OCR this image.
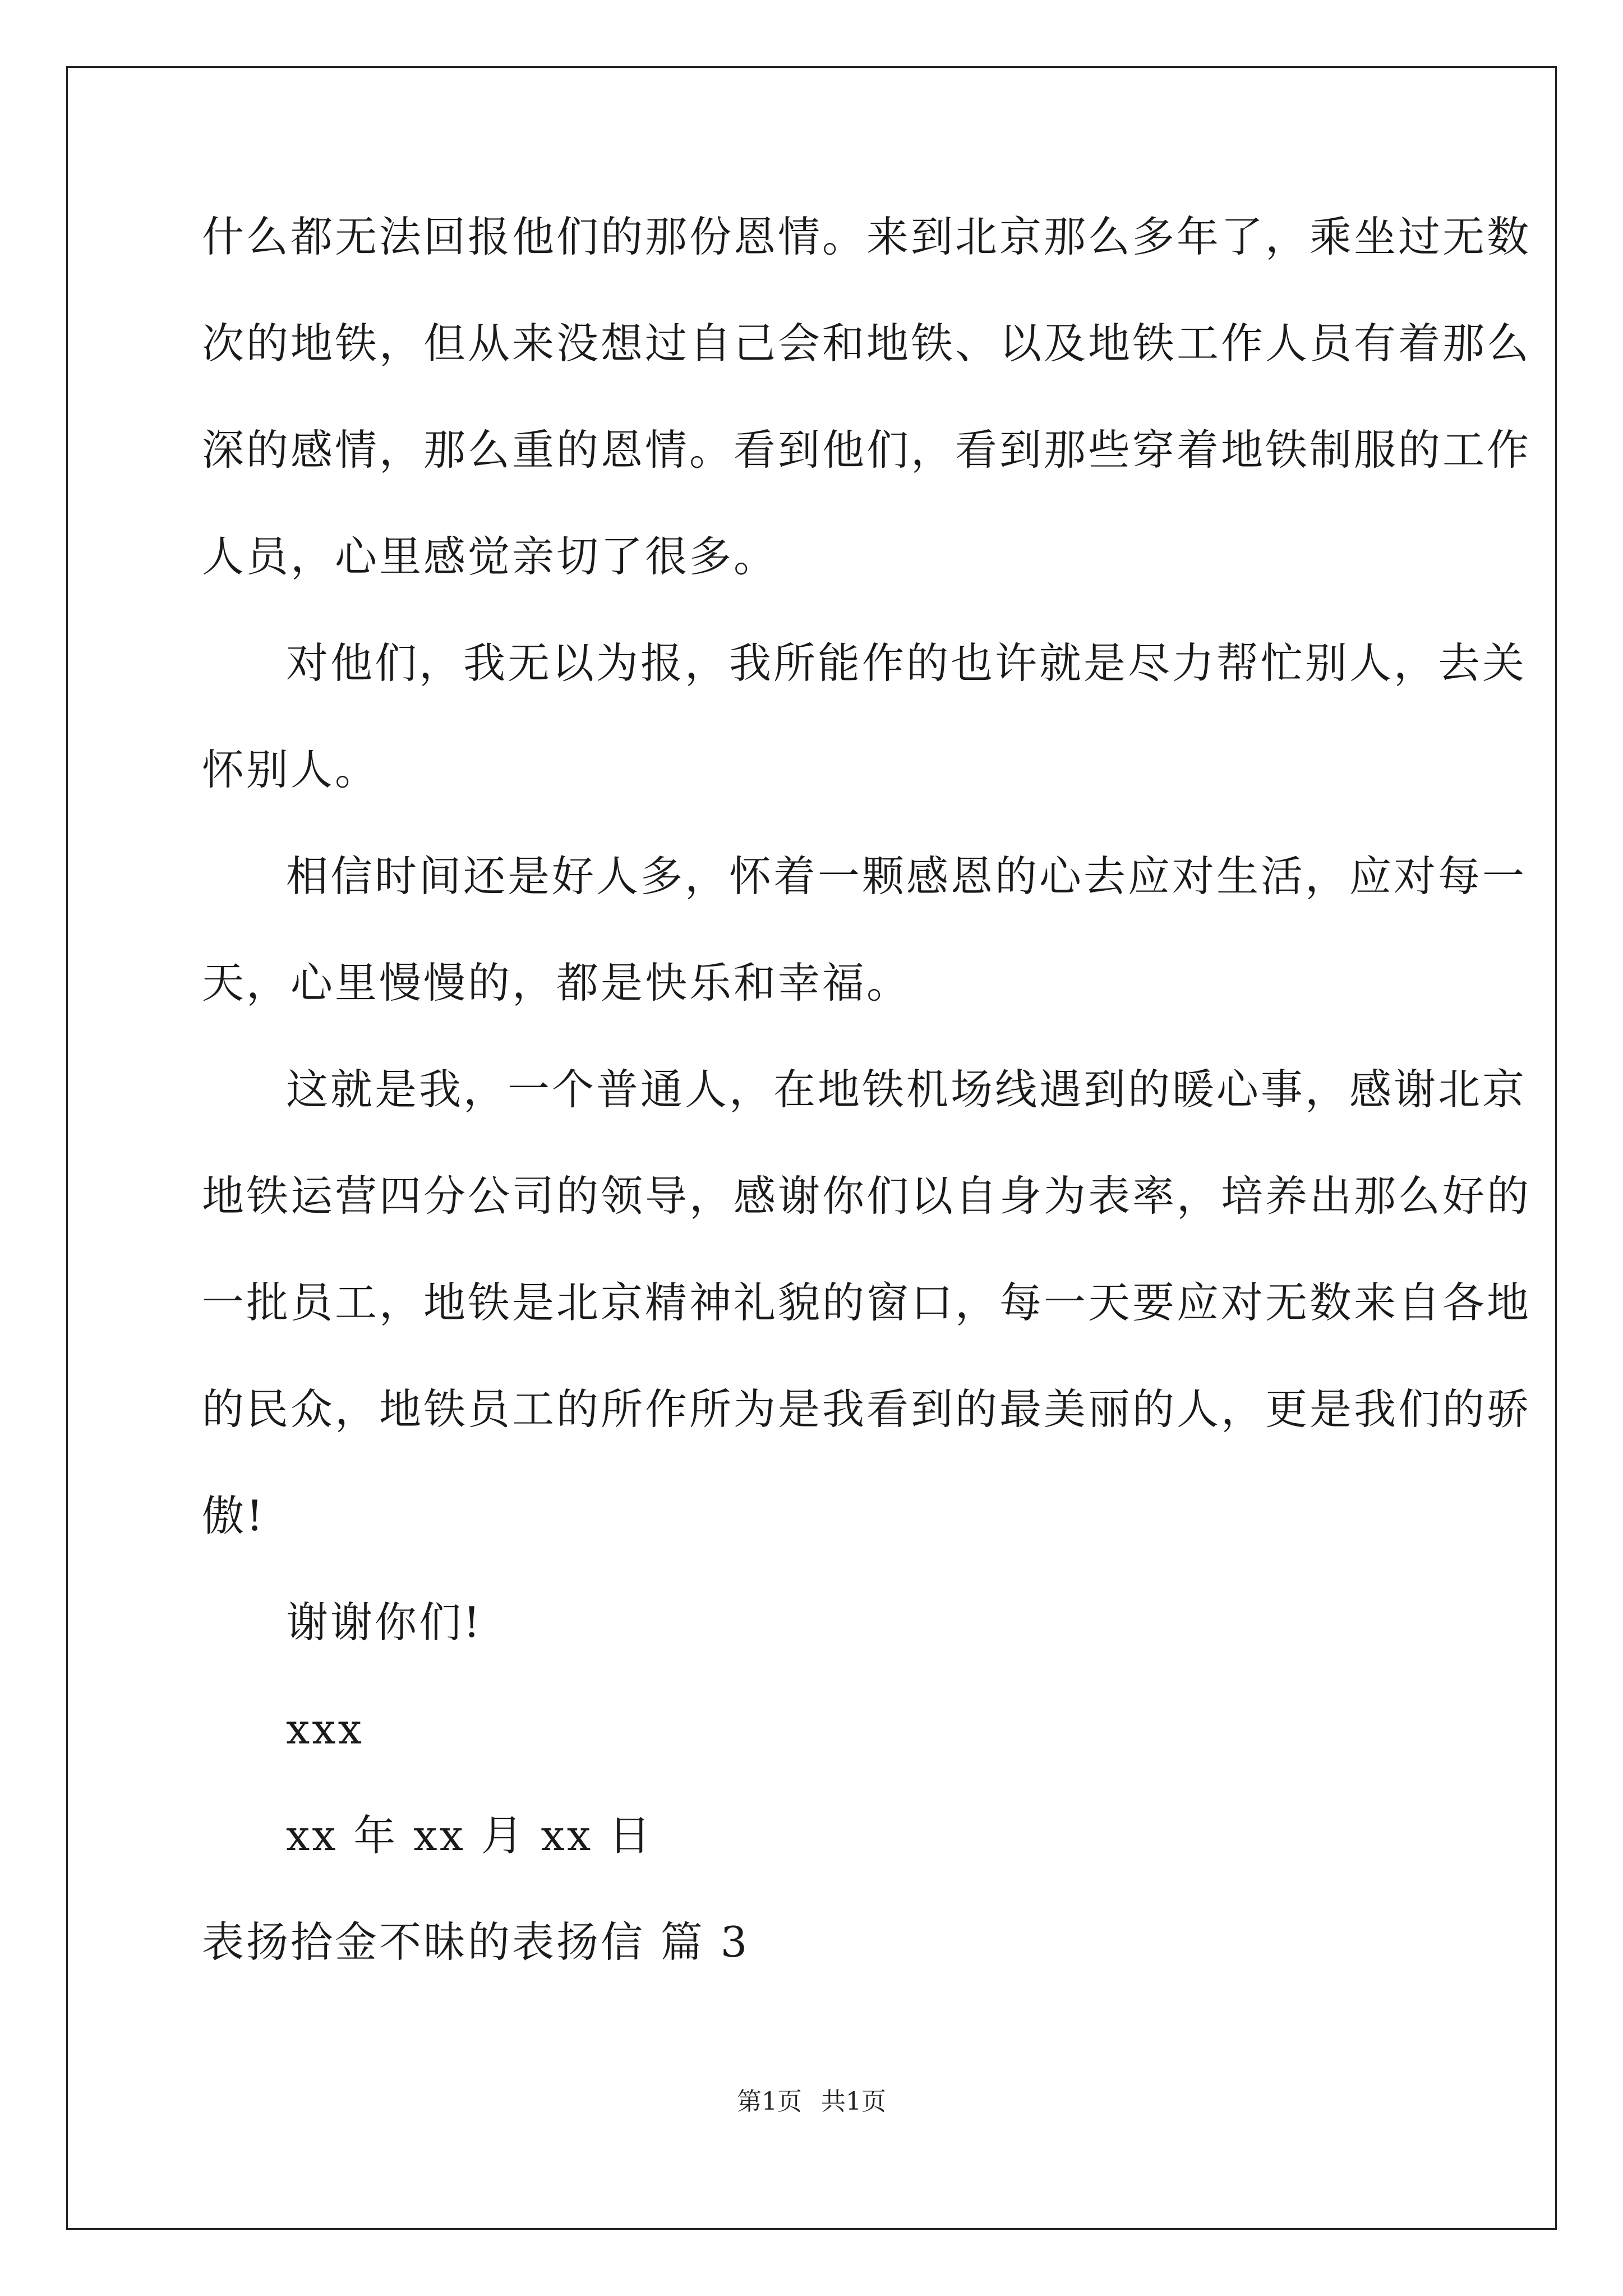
什么都无法回报他们的那份恩情。来到北京那么多年了，乘坐过无数

次的地铁，但从来没想过自己会和地铁、以及地铁工作人员有着那么

深的感情，那么重的恩情。看到他们，看到那些穿着地铁制服的工作

人员，心里感觉亲切了很多。

对他们，我无以为报，我所能作的也许就是尽力帮忙别人，去关

怀别人。

相信时间还是好人多，怀着一颗感恩的心去应对生活，应对每一

天，心里慢慢的，都是快乐和幸福。

这就是我，一个普通人，在地铁机场线遇到的暖心事，感谢北京

地铁运营四分公司的领导，感谢你们以自身为表率，培养出那么好的

一批员工，地铁是北京精神礼貌的窗口，每一天要应对无数来自各地

的民众，地铁员工的所作所为是我看到的最美丽的人，更是我们的骄

傲!

谢谢你们!

xxx

xx 年 xx 月 xx 日

表扬拾金不昧的表扬信 篇 3

第1页 共1页
